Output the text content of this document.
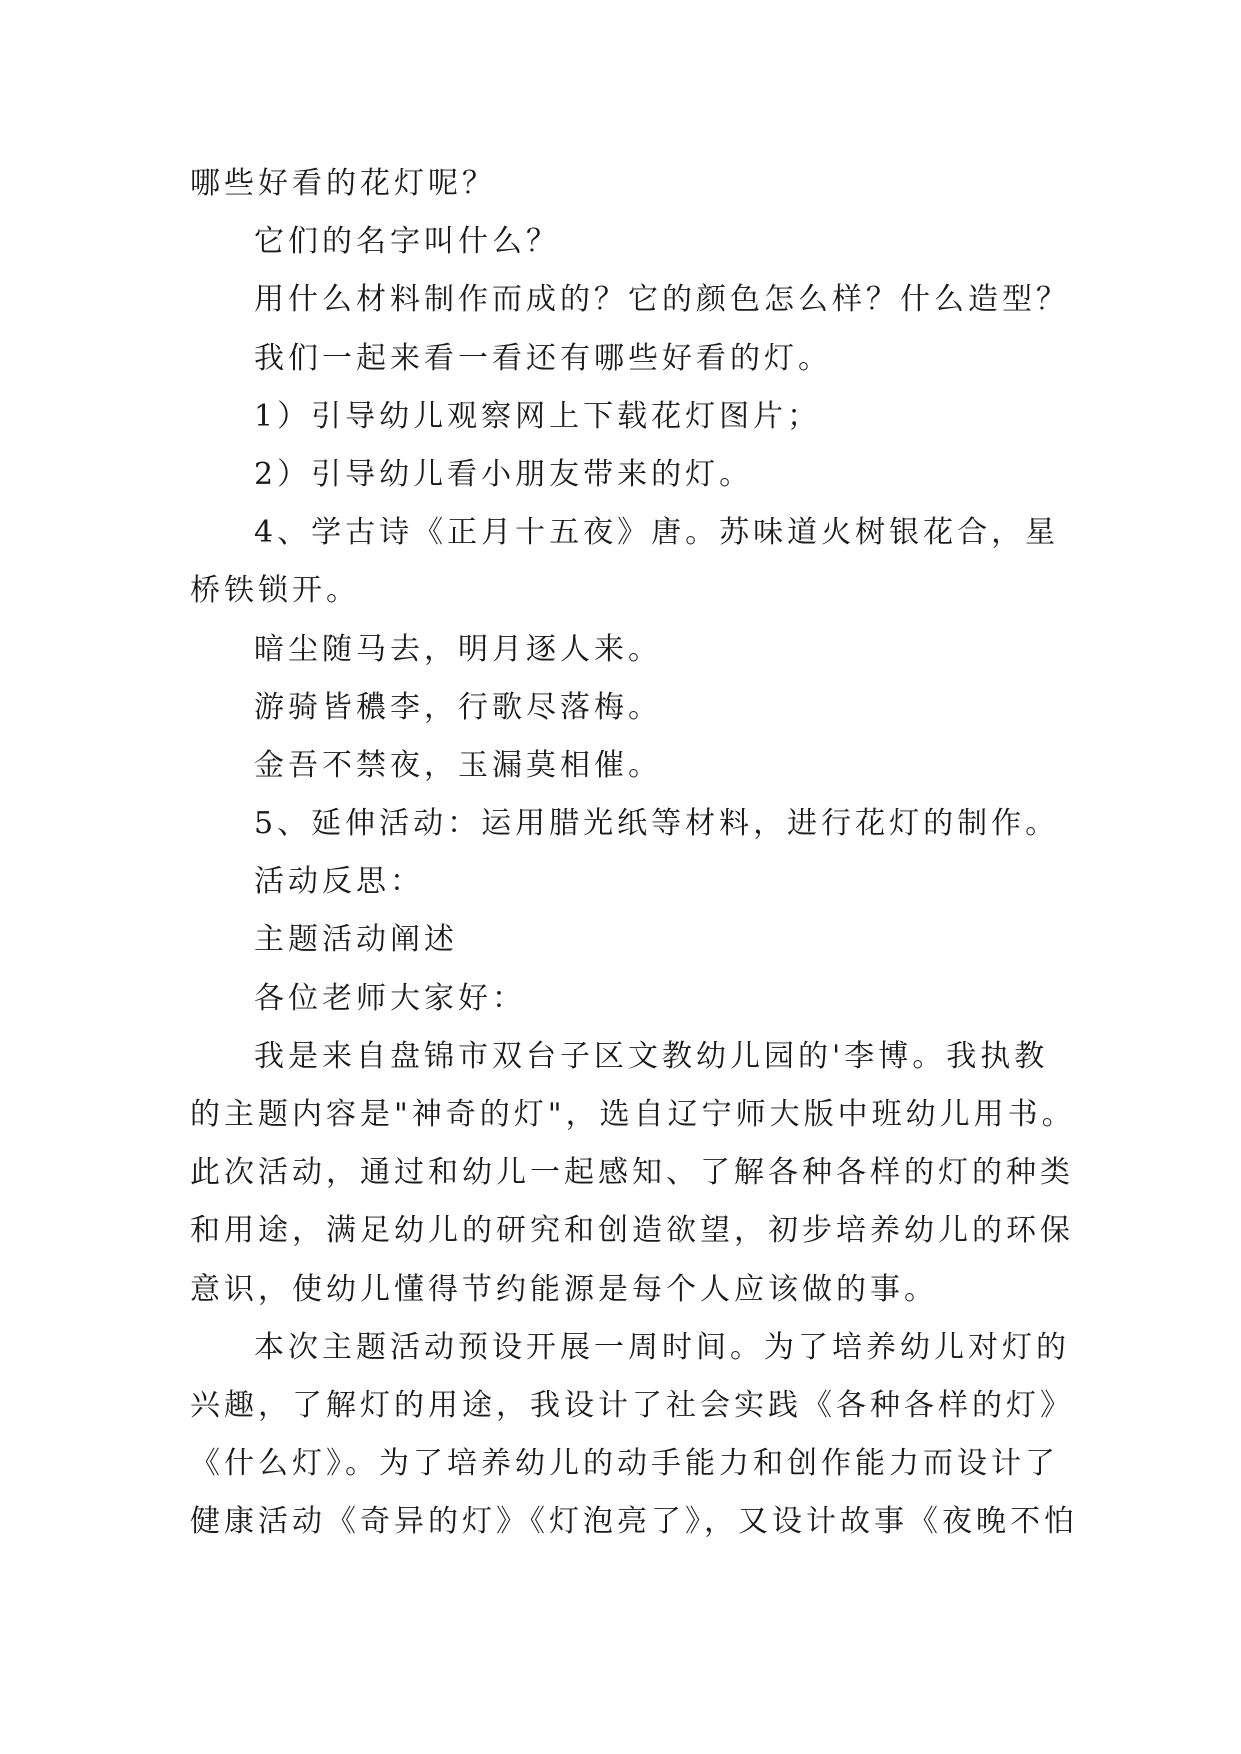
哪些好看的花灯呢？
它们的名字叫什么？
用什么材料制作而成的？它的颜色怎么样？什么造型？
我们一起来看一看还有哪些好看的灯。
1）引导幼儿观察网上下载花灯图片；
2）引导幼儿看小朋友带来的灯。
4、学古诗《正月十五夜》唐。苏味道火树银花合，星
桥铁锁开。
暗尘随马去，明月逐人来。
游骑皆穠李，行歌尽落梅。
金吾不禁夜，玉漏莫相催。
5、延伸活动：运用腊光纸等材料，进行花灯的制作。
活动反思：
主题活动阐述
各位老师大家好：
我是来自盘锦市双台子区文教幼儿园的'李博。我执教
的主题内容是"神奇的灯"，选自辽宁师大版中班幼儿用书。
此次活动，通过和幼儿一起感知、了解各种各样的灯的种类
和用途，满足幼儿的研究和创造欲望，初步培养幼儿的环保
意识，使幼儿懂得节约能源是每个人应该做的事。
本次主题活动预设开展一周时间。为了培养幼儿对灯的
兴趣，了解灯的用途，我设计了社会实践《各种各样的灯》
《什么灯》。为了培养幼儿的动手能力和创作能力而设计了
健康活动《奇异的灯》《灯泡亮了》，又设计故事《夜晚不怕
